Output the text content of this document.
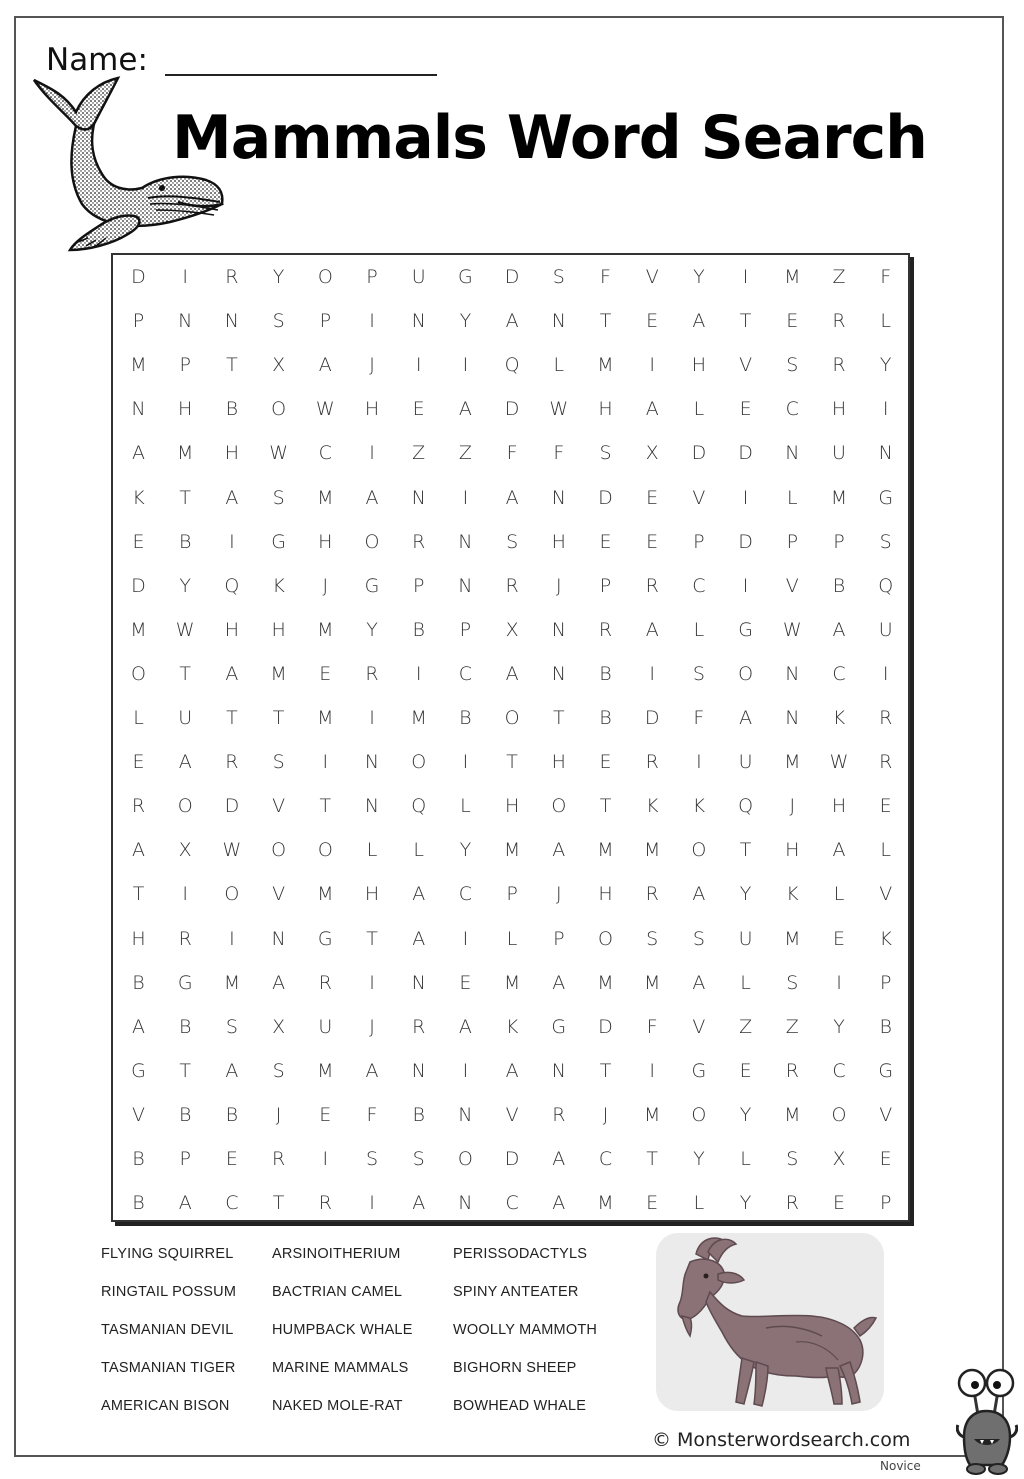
Name:
Mammals Word Search
D	I	R	Y	O	P	U	G	D	S	F	V	Y	I	M	Z	F
P	N	N	S	P	I	N	Y	A	N	T	E	A	T	E	R	L
M	P	T	X	A	J	I	I	Q	L	M	I	H	V	S	R	Y
N	H	B	O	W	H	E	A	D	W	H	A	L	E	C	H	I
A	M	H	W	C	I	Z	Z	F	F	S	X	D	D	N	U	N
K	T	A	S	M	A	N	I	A	N	D	E	V	I	L	M	G
E	B	I	G	H	O	R	N	S	H	E	E	P	D	P	P	S
D	Y	Q	K	J	G	P	N	R	J	P	R	C	I	V	B	Q
M	W	H	H	M	Y	B	P	X	N	R	A	L	G	W	A	U
O	T	A	M	E	R	I	C	A	N	B	I	S	O	N	C	I
L	U	T	T	M	I	M	B	O	T	B	D	F	A	N	K	R
E	A	R	S	I	N	O	I	T	H	E	R	I	U	M	W	R
R	O	D	V	T	N	Q	L	H	O	T	K	K	Q	J	H	E
A	X	W	O	O	L	L	Y	M	A	M	M	O	T	H	A	L
T	I	O	V	M	H	A	C	P	J	H	R	A	Y	K	L	V
H	R	I	N	G	T	A	I	L	P	O	S	S	U	M	E	K
B	G	M	A	R	I	N	E	M	A	M	M	A	L	S	I	P
A	B	S	X	U	J	R	A	K	G	D	F	V	Z	Z	Y	B
G	T	A	S	M	A	N	I	A	N	T	I	G	E	R	C	G
V	B	B	J	E	F	B	N	V	R	J	M	O	Y	M	O	V
B	P	E	R	I	S	S	O	D	A	C	T	Y	L	S	X	E
B	A	C	T	R	I	A	N	C	A	M	E	L	Y	R	E	P
FLYING SQUIRREL
RINGTAIL POSSUM
TASMANIAN DEVIL
TASMANIAN TIGER
AMERICAN BISON
ARSINOITHERIUM
BACTRIAN CAMEL
HUMPBACK WHALE
MARINE MAMMALS
NAKED MOLE-RAT
PERISSODACTYLS
SPINY ANTEATER
WOOLLY MAMMOTH
BIGHORN SHEEP
BOWHEAD WHALE
© Monsterwordsearch.com
Novice
